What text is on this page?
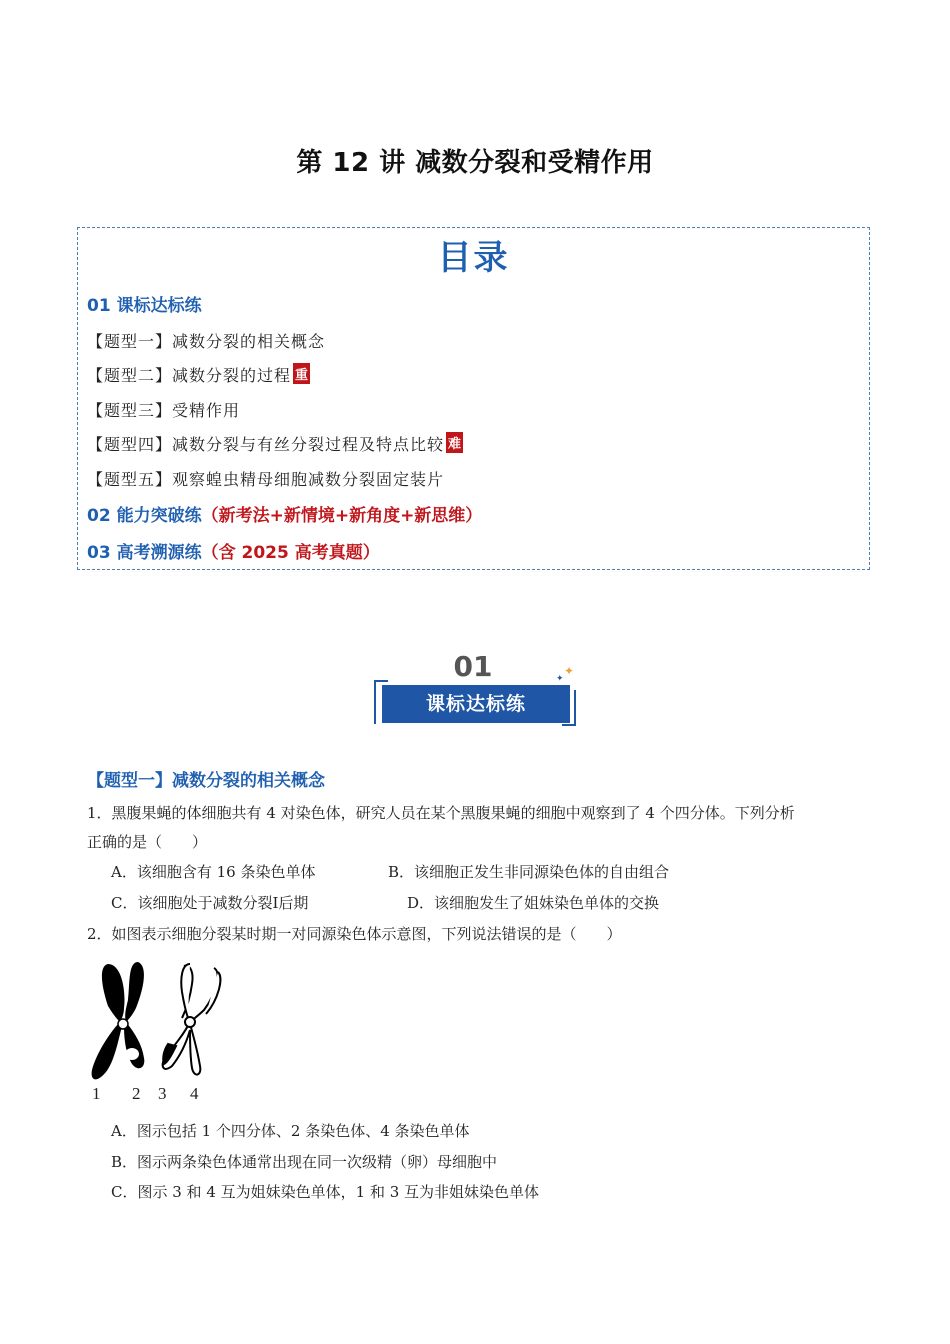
第 12 讲 减数分裂和受精作用
目录
01 课标达标练
【题型一】减数分裂的相关概念
【题型二】减数分裂的过程 重
【题型三】受精作用
【题型四】减数分裂与有丝分裂过程及特点比较 难
【题型五】观察蝗虫精母细胞减数分裂固定装片
02 能力突破练（新考法+新情境+新角度+新思维）
03 高考溯源练（含 2025 高考真题）
01
课标达标练
✦
✦
【题型一】减数分裂的相关概念
1．黑腹果蝇的体细胞共有 4 对染色体，研究人员在某个黑腹果蝇的细胞中观察到了 4 个四分体。下列分析
正确的是（　　）
A．该细胞含有 16 条染色单体	B．该细胞正发生非同源染色体的自由组合
C．该细胞处于减数分裂Ⅰ后期	D．该细胞发生了姐妹染色单体的交换
2．如图表示细胞分裂某时期一对同源染色体示意图，下列说法错误的是（　　）
1 2 3 4
A．图示包括 1 个四分体、2 条染色体、4 条染色单体
B．图示两条染色体通常出现在同一次级精（卵）母细胞中
C．图示 3 和 4 互为姐妹染色单体，1 和 3 互为非姐妹染色单体
